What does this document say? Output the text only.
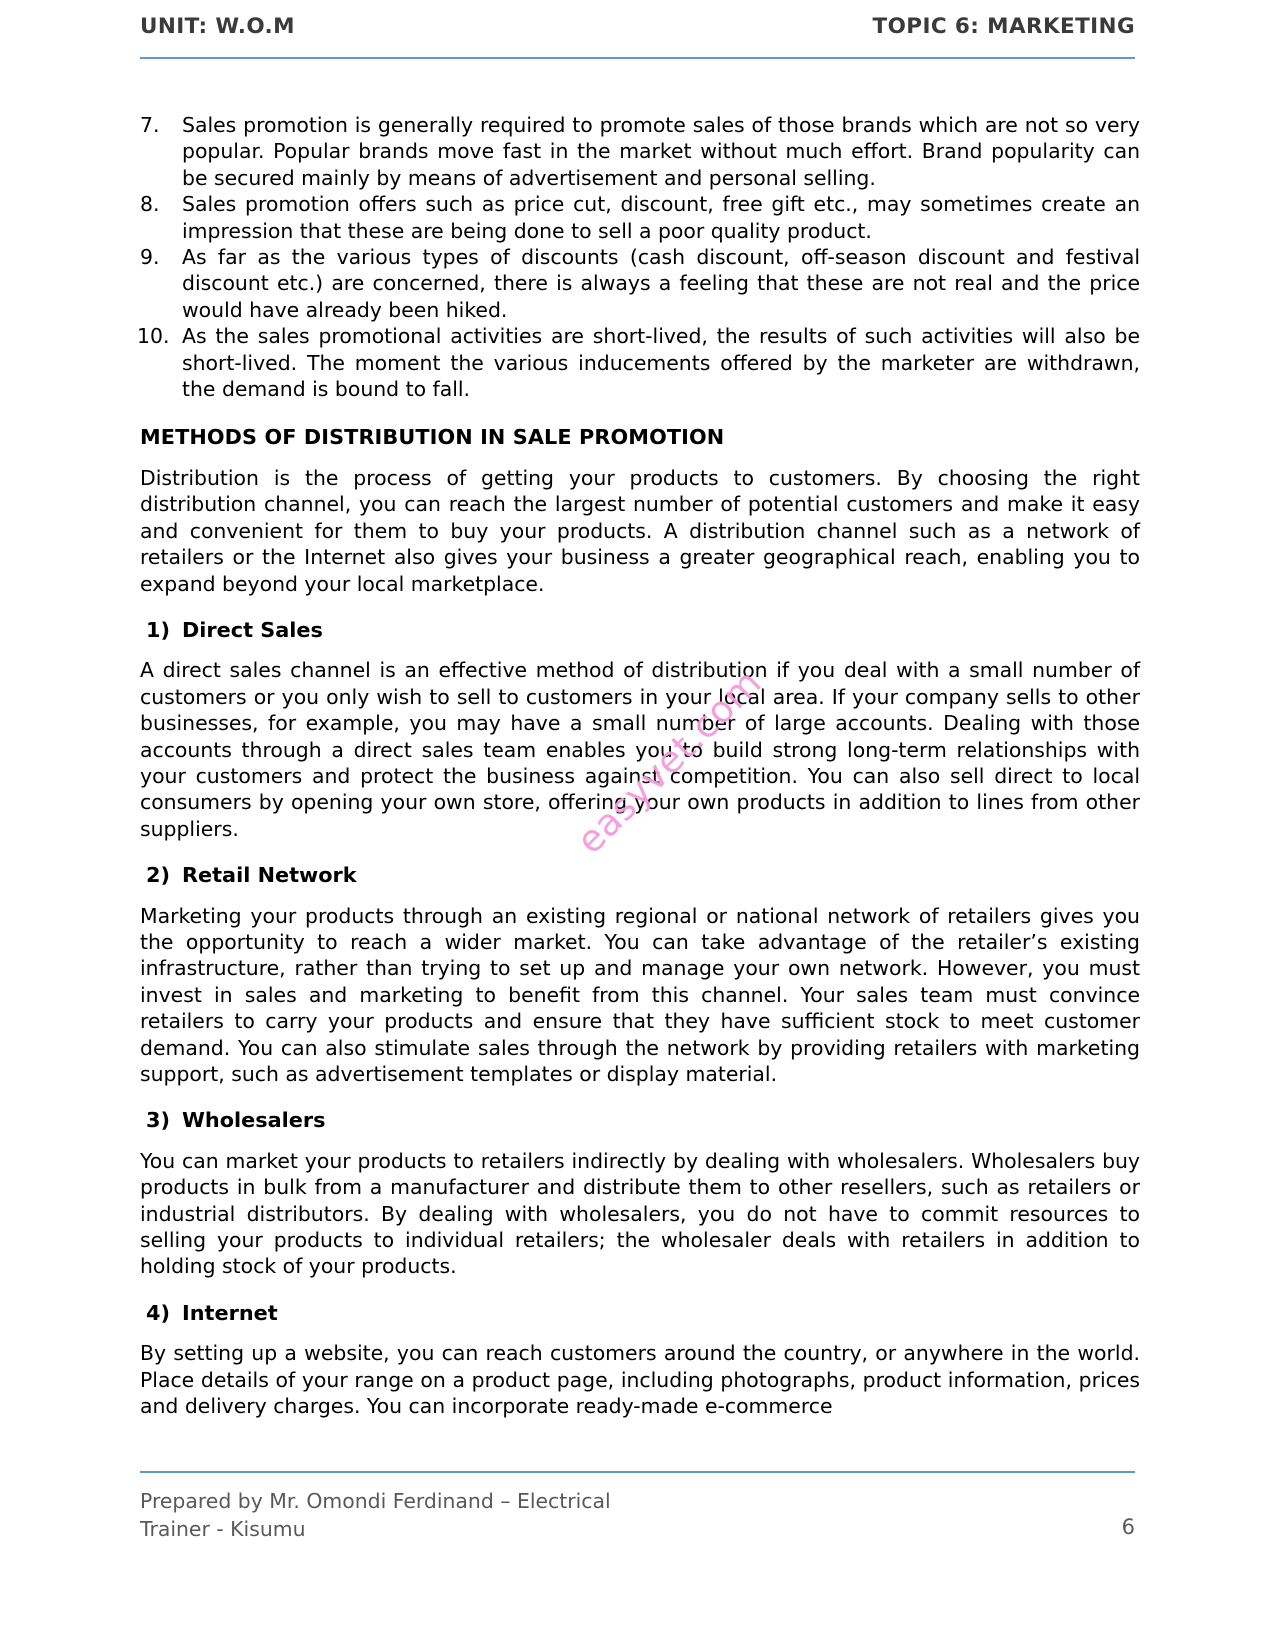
UNIT: W.O.M	TOPIC 6: MARKETING
7.	Sales promotion is generally required to promote sales of those brands which are not so very popular. Popular brands move fast in the market without much effort. Brand popularity can be secured mainly by means of advertisement and personal selling.
8.	Sales promotion offers such as price cut, discount, free gift etc., may sometimes create an impression that these are being done to sell a poor quality product.
9.	As far as the various types of discounts (cash discount, off-season discount and festival discount etc.) are concerned, there is always a feeling that these are not real and the price would have already been hiked.
10. As the sales promotional activities are short-lived, the results of such activities will also be short-lived. The moment the various inducements offered by the marketer are withdrawn, the demand is bound to fall.
METHODS OF DISTRIBUTION IN SALE PROMOTION

Distribution is the process of getting your products to customers. By choosing the right distribution channel, you can reach the largest number of potential customers and make it easy and convenient for them to buy your products. A distribution channel such as a network of retailers or the Internet also gives your business a greater geographical reach, enabling you to expand beyond your local marketplace.

1) Direct Sales

A direct sales channel is an effective method of distribution if you deal with a small number of customers or you only wish to sell to customers in your local area. If your company sells to other businesses, for example, you may have a small number of large accounts. Dealing with those accounts through a direct sales team enables you to build strong long-term relationships with your customers and protect the business against competition. You can also sell direct to local consumers by opening your own store, offering your own products in addition to lines from other suppliers.

2) Retail Network

Marketing your products through an existing regional or national network of retailers gives you the opportunity to reach a wider market. You can take advantage of the retailer’s existing infrastructure, rather than trying to set up and manage your own network. However, you must invest in sales and marketing to benefit from this channel. Your sales team must convince retailers to carry your products and ensure that they have sufficient stock to meet customer demand. You can also stimulate sales through the network by providing retailers with marketing support, such as advertisement templates or display material.

3) Wholesalers

You can market your products to retailers indirectly by dealing with wholesalers. Wholesalers buy products in bulk from a manufacturer and distribute them to other resellers, such as retailers or industrial distributors. By dealing with wholesalers, you do not have to commit resources to selling your products to individual retailers; the wholesaler deals with retailers in addition to holding stock of your products.

4) Internet

By setting up a website, you can reach customers around the country, or anywhere in the world. Place details of your range on a product page, including photographs, product information, prices and delivery charges. You can incorporate ready-made e-commerce

easyvet.com
Prepared by Mr. Omondi Ferdinand – Electrical
Trainer - Kisumu	6
